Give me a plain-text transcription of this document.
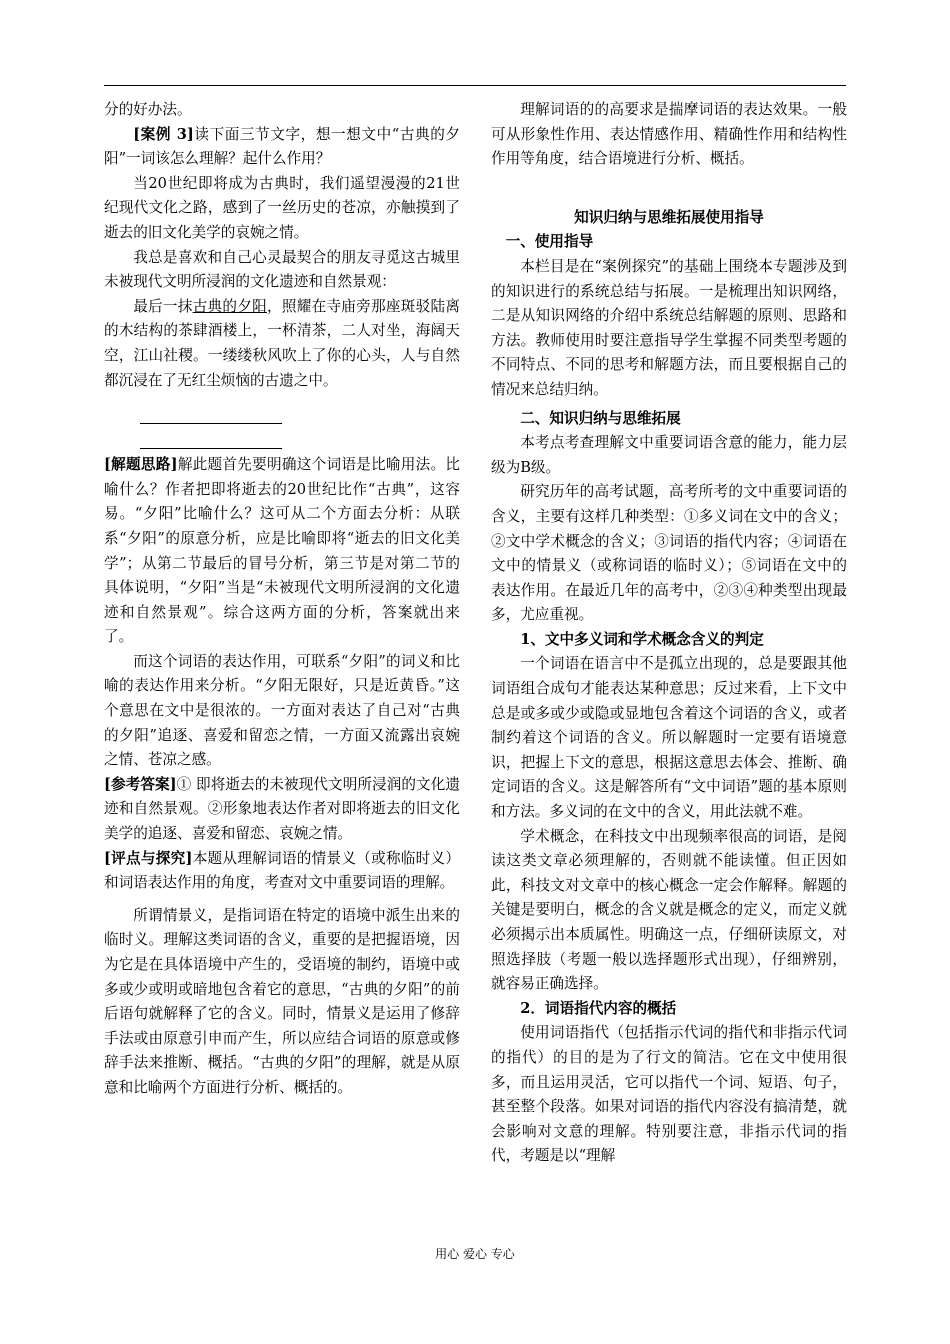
分的好办法。

[案例 3]读下面三节文字，想一想文中“古典的夕阳”一词该怎么理解？起什么作用？

当20世纪即将成为古典时，我们遥望漫漫的21世纪现代文化之路，感到了一丝历史的苍凉，亦触摸到了逝去的旧文化美学的哀婉之情。

我总是喜欢和自己心灵最契合的朋友寻觅这古城里未被现代文明所浸润的文化遗迹和自然景观：

最后一抹古典的夕阳，照耀在寺庙旁那座斑驳陆离的木结构的茶肆酒楼上，一杯清茶，二人对坐，海阔天空，江山社稷。一缕缕秋风吹上了你的心头，人与自然都沉浸在了无红尘烦恼的古遗之中。

[解题思路]解此题首先要明确这个词语是比喻用法。比喻什么？作者把即将逝去的20世纪比作“古典”，这容易。“夕阳”比喻什么？这可从二个方面去分析：从联系“夕阳”的原意分析，应是比喻即将“逝去的旧文化美学”；从第二节最后的冒号分析，第三节是对第二节的具体说明，“夕阳”当是“未被现代文明所浸润的文化遗迹和自然景观”。综合这两方面的分析，答案就出来了。

而这个词语的表达作用，可联系“夕阳”的词义和比喻的表达作用来分析。“夕阳无限好，只是近黄昏。”这个意思在文中是很浓的。一方面对表达了自己对“古典的夕阳”追逐、喜爱和留恋之情，一方面又流露出哀婉之情、苍凉之感。

[参考答案]① 即将逝去的未被现代文明所浸润的文化遗迹和自然景观。②形象地表达作者对即将逝去的旧文化美学的追逐、喜爱和留恋、哀婉之情。

[评点与探究]本题从理解词语的情景义（或称临时义）和词语表达作用的角度，考查对文中重要词语的理解。

所谓情景义，是指词语在特定的语境中派生出来的临时义。理解这类词语的含义，重要的是把握语境，因为它是在具体语境中产生的，受语境的制约，语境中或多或少或明或暗地包含着它的意思，“古典的夕阳”的前后语句就解释了它的含义。同时，情景义是运用了修辞手法或由原意引申而产生，所以应结合词语的原意或修辞手法来推断、概括。“古典的夕阳”的理解，就是从原意和比喻两个方面进行分析、概括的。

理解词语的的高要求是揣摩词语的表达效果。一般可从形象性作用、表达情感作用、精确性作用和结构性作用等角度，结合语境进行分析、概括。

知识归纳与思维拓展使用指导

一、使用指导

本栏目是在“案例探究”的基础上围绕本专题涉及到的知识进行的系统总结与拓展。一是梳理出知识网络，二是从知识网络的介绍中系统总结解题的原则、思路和方法。教师使用时要注意指导学生掌握不同类型考题的不同特点、不同的思考和解题方法，而且要根据自己的情况来总结归纳。

二、知识归纳与思维拓展

本考点考查理解文中重要词语含意的能力，能力层级为B级。

研究历年的高考试题，高考所考的文中重要词语的含义，主要有这样几种类型：①多义词在文中的含义；②文中学术概念的含义；③词语的指代内容；④词语在文中的情景义（或称词语的临时义）；⑤词语在文中的表达作用。在最近几年的高考中，②③④种类型出现最多，尤应重视。

1、文中多义词和学术概念含义的判定

一个词语在语言中不是孤立出现的，总是要跟其他词语组合成句才能表达某种意思；反过来看，上下文中总是或多或少或隐或显地包含着这个词语的含义，或者制约着这个词语的含义。所以解题时一定要有语境意识，把握上下文的意思，根据这意思去体会、推断、确定词语的含义。这是解答所有“文中词语”题的基本原则和方法。多义词的在文中的含义，用此法就不难。

学术概念，在科技文中出现频率很高的词语，是阅读这类文章必须理解的，否则就不能读懂。但正因如此，科技文对文章中的核心概念一定会作解释。解题的关键是要明白，概念的含义就是概念的定义，而定义就必须揭示出本质属性。明确这一点，仔细研读原文，对照选择肢（考题一般以选择题形式出现），仔细辨别，就容易正确选择。

2．词语指代内容的概括

使用词语指代（包括指示代词的指代和非指示代词的指代）的目的是为了行文的简洁。它在文中使用很多，而且运用灵活，它可以指代一个词、短语、句子，甚至整个段落。如果对词语的指代内容没有搞清楚，就会影响对文意的理解。特别要注意，非指示代词的指代，考题是以“理解

用心 爱心 专心
